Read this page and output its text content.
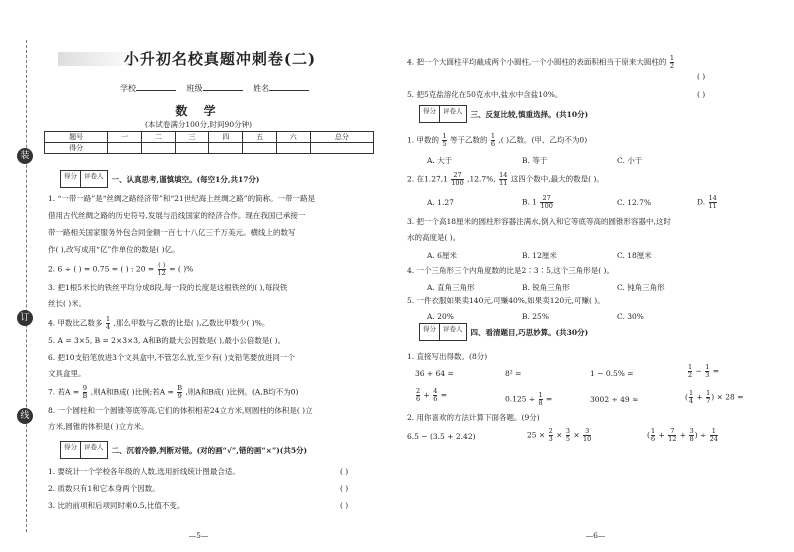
装
订
线
小升初名校真题冲刺卷(二)
学校	班级	姓名
数 学
(本试卷满分100分,时间90分钟)
题号	一	二	三	四	五	六	总分
得分							
得分	评卷人	一、认真思考,谨慎填空。(每空1分,共17分)
1. “一带一路”是“丝绸之路经济带”和“21世纪海上丝绸之路”的简称。一带一路是
借用古代丝绸之路的历史符号,发展与沿线国家的经济合作。现在我国已承接一
带一路相关国家服务外包合同金额一百七十八亿三千万美元。横线上的数写
作( ),改写成用“亿”作单位的数是( )亿。
2. 6 ÷ ( ) = 0.75 = ( ) : $20 = \frac{( )}{12}$ = ( )%
3. 把1根5米长的铁丝平均分成8段,每一段的长度是这根铁丝的( ),每段铁
丝长( )米。
4. 甲数比乙数多 $\frac{1}{4}$ ,那么甲数与乙数的比是( ),乙数比甲数少( )%。
5. A = 3×5, B = 2×3×3, A和B的最大公因数是( ),最小公倍数是( )。
6. 把10支铅笔放进3个文具盒中,不管怎么放,至少有( )支铅笔要放进同一个
文具盒里。
7. 若$A = \frac{9}{B}$ ,则A和B成( )比例;若$A = \frac{B}{9}$ ,则A和B成( )比例。(A,B均不为0)
8. 一个圆柱和一个圆锥等底等高,它们的体积相差24立方米,则圆柱的体积是( )立
方米,圆锥的体积是( )立方米。
得分	评卷人	二、沉着冷静,判断对错。(对的画“√”,错的画“×”)(共5分)
1. 要统计一个学校各年级的人数,选用折线统计图最合适。	( )
2. 质数只有1和它本身两个因数。	( )
3. 比的前项和后项同时乘0.5,比值不变。	( )
—5—
4. 把一个大圆柱平均截成两个小圆柱,一个小圆柱的表面积相当于原来大圆柱的 $\frac{1}{2}$
( )
5. 把5克盐溶化在50克水中,盐水中含盐10%。	( )
得分	评卷人	三、反复比较,慎重选择。(共10分)
1. 甲数的 $\frac{1}{5}$ 等于乙数的 $\frac{1}{6}$ ,( )乙数。(甲、乙均不为0)
A. 大于	B. 等于	C. 小于
2. 在1.27̇,1 $\frac{27}{100} ,12.7\%$, $\frac{14}{11}$ 这四个数中,最大的数是( )。
A. 1.27̇	B. $1 \frac{27}{100}$	C. 12.7%	D. $\frac{14}{11}$
3. 把一个高18厘米的圆柱形容器注满水,倒入和它等底等高的圆锥形容器中,这时
水的高度是( )。
A. 6厘米	B. 12厘米	C. 18厘米
4. 一个三角形三个内角度数的比是2∶3∶5,这个三角形是( )。
A. 直角三角形	B. 锐角三角形	C. 钝角三角形
5. 一件衣服如果卖140元,可赚40%,如果卖120元,可赚( )。
A. 20%	B. 25%	C. 30%
得分	评卷人	四、看清题目,巧思妙算。(共30分)
1. 直接写出得数。(8分)
36 + 64 =	8² =	1 − 0.5% =	$\frac{1}{2} - \frac{1}{3}$ =
$\frac{2}{6} + \frac{4}{6}$ =	$0.125 \div \frac{1}{8}$ =	3002 ÷ 49 ≈	( $\frac{1}{4} + \frac{1}{7}$ ) × 28 =
2. 用你喜欢的方法计算下面各题。(9分)
6.5 − (3.5 + 2.42)	$25 \times \frac{2}{3} \times \frac{3}{5} \times \frac{3}{10}$	( $\frac{1}{6} + \frac{7}{12} + \frac{3}{8}$ ) ÷ $\frac{1}{24}$
—6—
